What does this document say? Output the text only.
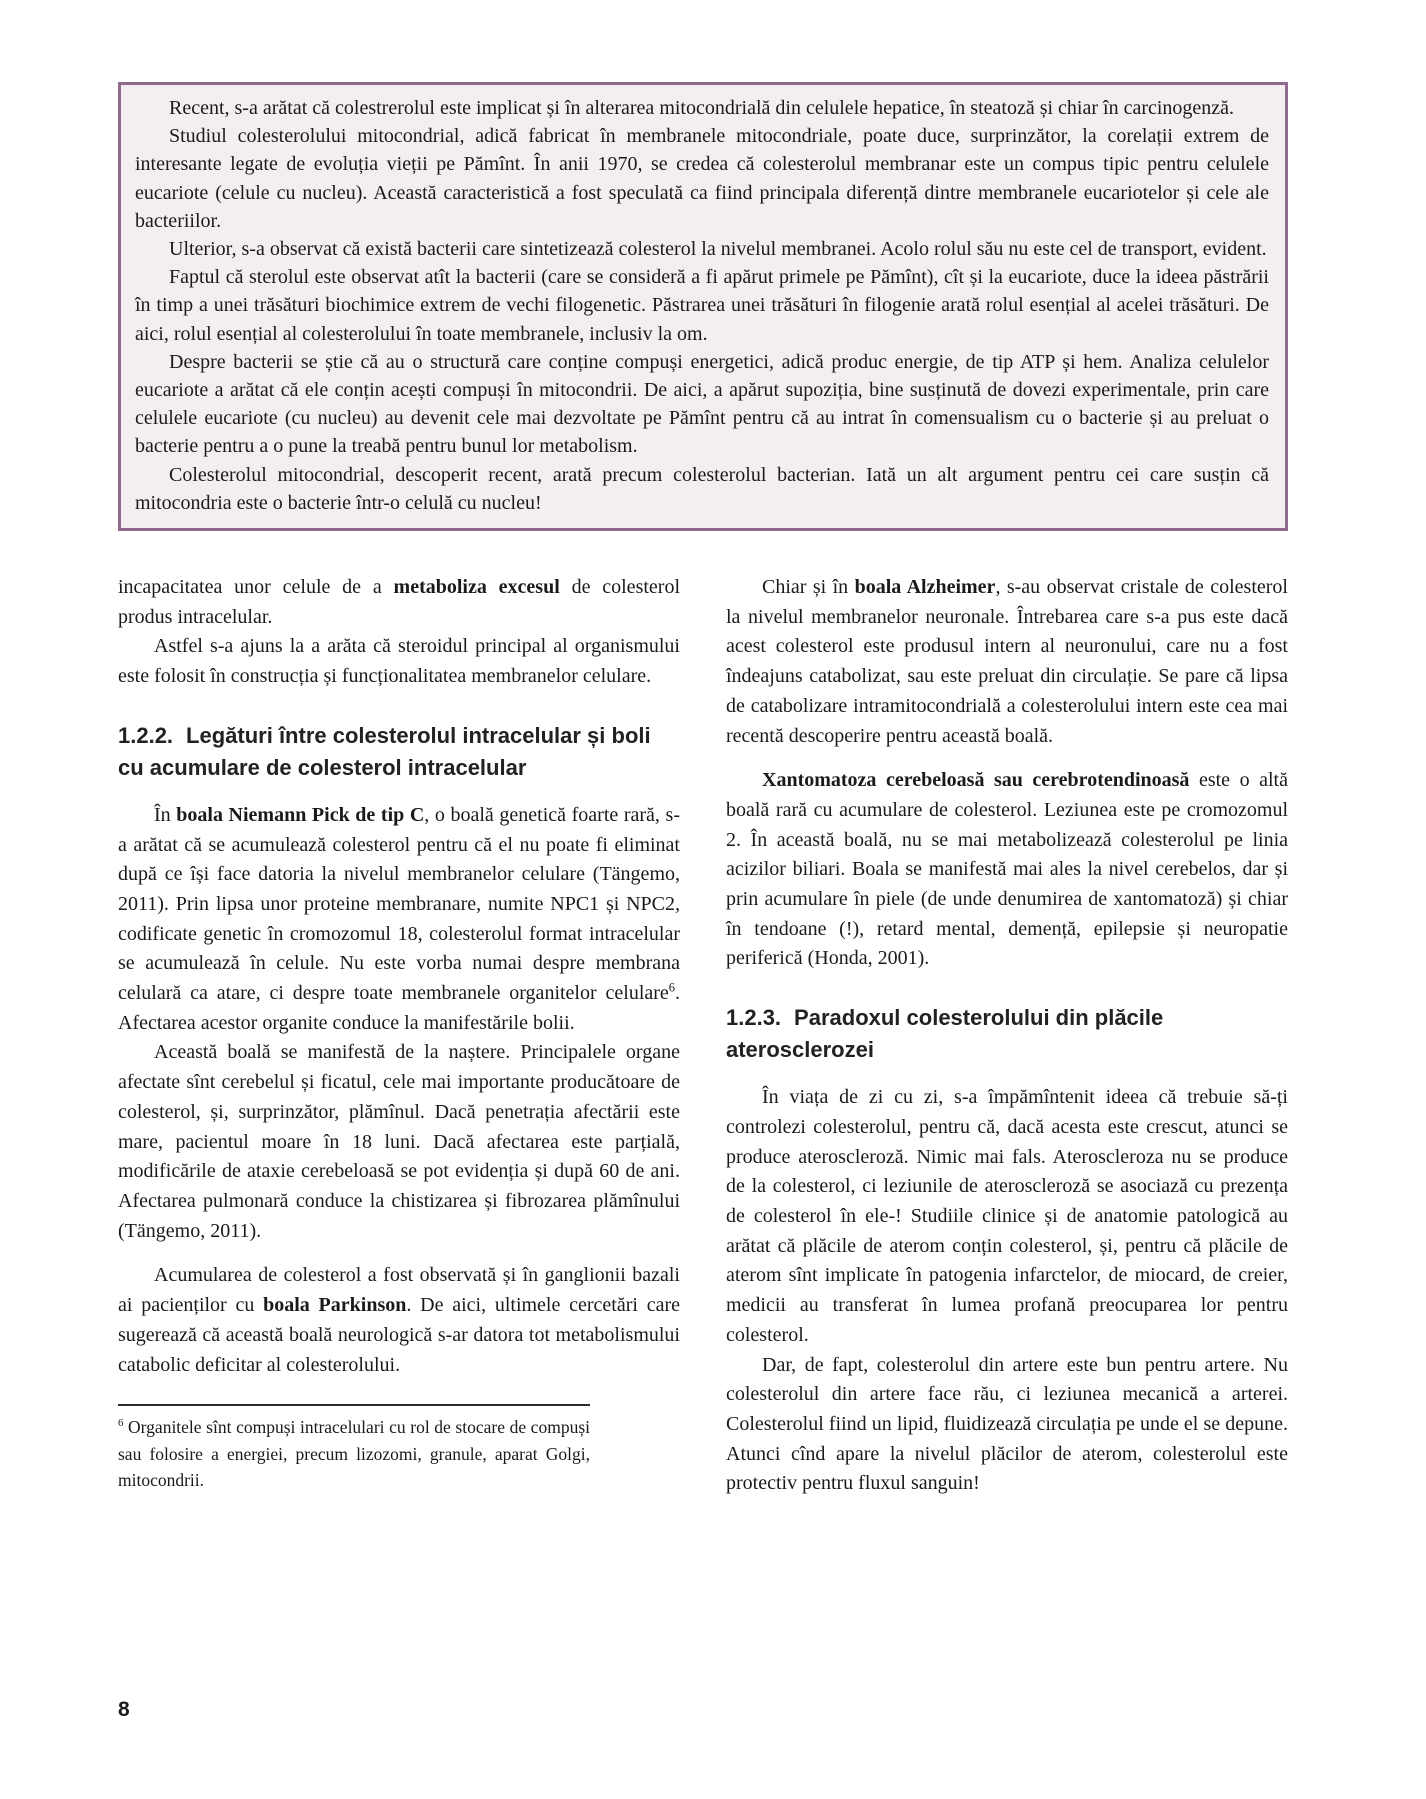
Recent, s-a arătat că colestrerolul este implicat și în alterarea mitocondrială din celulele hepatice, în steatoză și chiar în carcinogenză.

Studiul colesterolului mitocondrial, adică fabricat în membranele mitocondriale, poate duce, surprinzător, la corelații extrem de interesante legate de evoluția vieții pe Pămînt. În anii 1970, se credea că colesterolul membranar este un compus tipic pentru celulele eucariote (celule cu nucleu). Această caracteristică a fost speculată ca fiind principala diferență dintre membranele eucariotelor și cele ale bacteriilor.

Ulterior, s-a observat că există bacterii care sintetizează colesterol la nivelul membranei. Acolo rolul său nu este cel de transport, evident.

Faptul că sterolul este observat atît la bacterii (care se consideră a fi apărut primele pe Pămînt), cît și la eucariote, duce la ideea păstrării în timp a unei trăsături biochimice extrem de vechi filogenetic. Păstrarea unei trăsături în filogenie arată rolul esențial al acelei trăsături. De aici, rolul esențial al colesterolului în toate membranele, inclusiv la om.

Despre bacterii se știe că au o structură care conține compuși energetici, adică produc energie, de tip ATP și hem. Analiza celulelor eucariote a arătat că ele conțin acești compuși în mitocondrii. De aici, a apărut supoziția, bine susținută de dovezi experimentale, prin care celulele eucariote (cu nucleu) au devenit cele mai dezvoltate pe Pămînt pentru că au intrat în comensualism cu o bacterie și au preluat o bacterie pentru a o pune la treabă pentru bunul lor metabolism.

Colesterolul mitocondrial, descoperit recent, arată precum colesterolul bacterian. Iată un alt argument pentru cei care susțin că mitocondria este o bacterie într-o celulă cu nucleu!

incapacitatea unor celule de a metaboliza excesul de colesterol produs intracelular.

Astfel s-a ajuns la a arăta că steroidul principal al organismului este folosit în construcția și funcționalitatea membranelor celulare.

1.2.2. Legături între colesterolul intracelular și boli cu acumulare de colesterol intracelular

În boala Niemann Pick de tip C, o boală genetică foarte rară, s-a arătat că se acumulează colesterol pentru că el nu poate fi eliminat după ce își face datoria la nivelul membranelor celulare (Tängemo, 2011). Prin lipsa unor proteine membranare, numite NPC1 și NPC2, codificate genetic în cromozomul 18, colesterolul format intracelular se acumulează în celule. Nu este vorba numai despre membrana celulară ca atare, ci despre toate membranele organitelor celulare$^6$. Afectarea acestor organite conduce la manifestările bolii.

Această boală se manifestă de la naștere. Principalele organe afectate sînt cerebelul și ficatul, cele mai importante producătoare de colesterol, și, surprinzător, plămînul. Dacă penetrația afectării este mare, pacientul moare în 18 luni. Dacă afectarea este parțială, modificările de ataxie cerebeloasă se pot evidenția și după 60 de ani. Afectarea pulmonară conduce la chistizarea și fibrozarea plămînului (Tängemo, 2011).

Acumularea de colesterol a fost observată și în ganglionii bazali ai pacienților cu boala Parkinson. De aici, ultimele cercetări care sugerează că această boală neurologică s-ar datora tot metabolismului catabolic deficitar al colesterolului.

$^6$ Organitele sînt compuși intracelulari cu rol de stocare de compuși sau folosire a energiei, precum lizozomi, granule, aparat Golgi, mitocondrii.

Chiar și în boala Alzheimer, s-au observat cristale de colesterol la nivelul membranelor neuronale. Întrebarea care s-a pus este dacă acest colesterol este produsul intern al neuronului, care nu a fost îndeajuns catabolizat, sau este preluat din circulație. Se pare că lipsa de catabolizare intramitocondrială a colesterolului intern este cea mai recentă descoperire pentru această boală.

Xantomatoza cerebeloasă sau cerebrotendinoasă este o altă boală rară cu acumulare de colesterol. Leziunea este pe cromozomul 2. În această boală, nu se mai metabolizează colesterolul pe linia acizilor biliari. Boala se manifestă mai ales la nivel cerebelos, dar și prin acumulare în piele (de unde denumirea de xantomatoză) și chiar în tendoane (!), retard mental, demență, epilepsie și neuropatie periferică (Honda, 2001).

1.2.3. Paradoxul colesterolului din plăcile aterosclerozei

În viața de zi cu zi, s-a împămîntenit ideea că trebuie să-ți controlezi colesterolul, pentru că, dacă acesta este crescut, atunci se produce ateroscleroză. Nimic mai fals. Ateroscleroza nu se produce de la colesterol, ci leziunile de ateroscleroză se asociază cu prezența de colesterol în ele-! Studiile clinice și de anatomie patologică au arătat că plăcile de aterom conțin colesterol, și, pentru că plăcile de aterom sînt implicate în patogenia infarctelor, de miocard, de creier, medicii au transferat în lumea profană preocuparea lor pentru colesterol.

Dar, de fapt, colesterolul din artere este bun pentru artere. Nu colesterolul din artere face rău, ci leziunea mecanică a arterei. Colesterolul fiind un lipid, fluidizează circulația pe unde el se depune. Atunci cînd apare la nivelul plăcilor de aterom, colesterolul este protectiv pentru fluxul sanguin!

8
